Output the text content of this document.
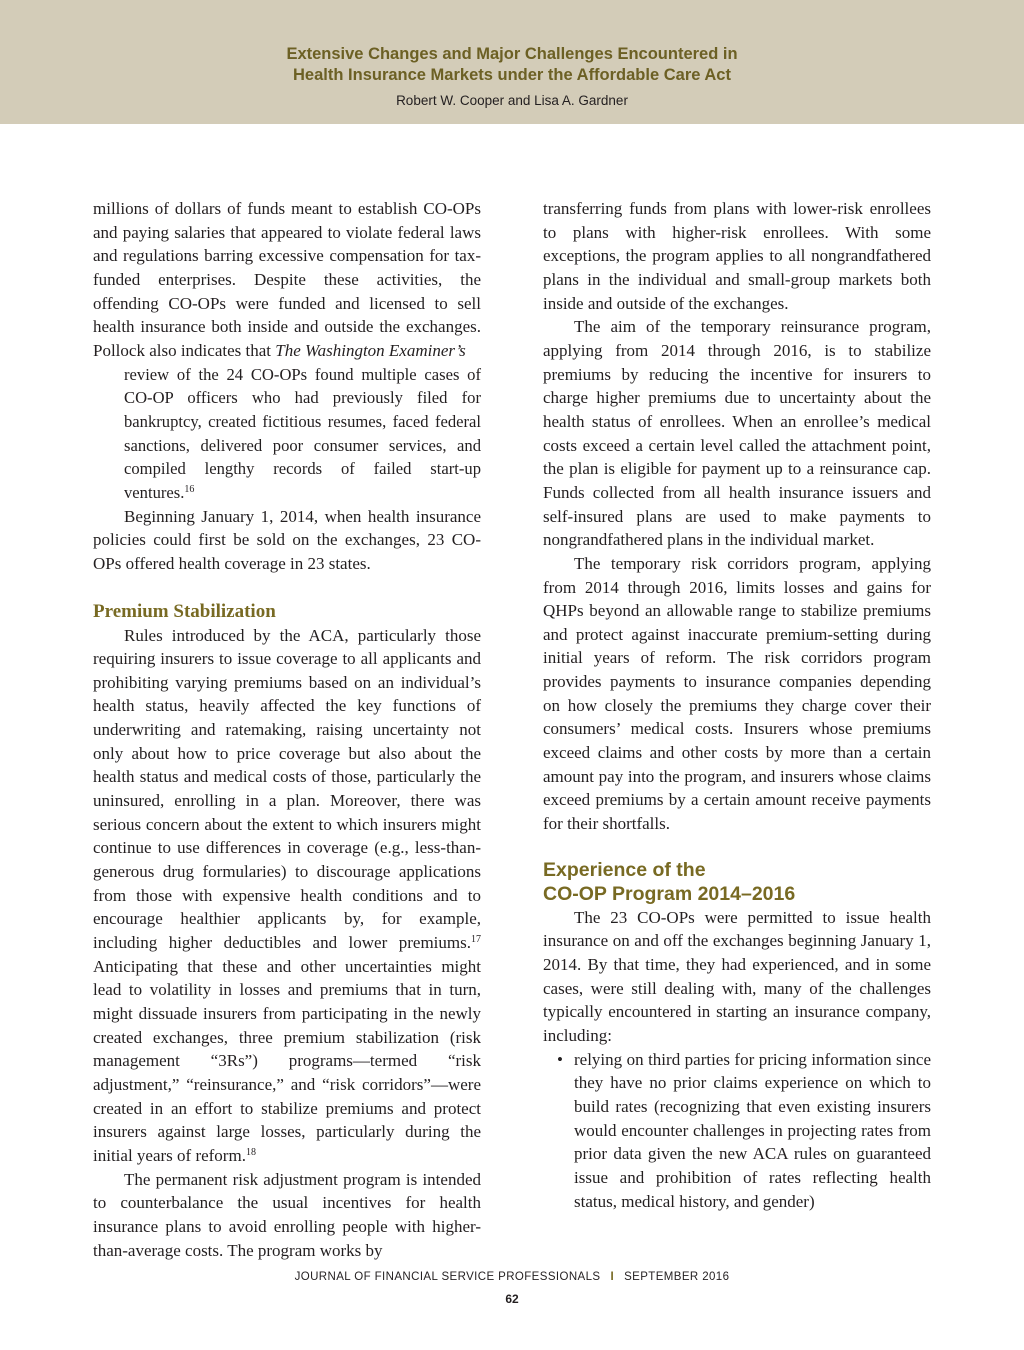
Extensive Changes and Major Challenges Encountered in
Health Insurance Markets under the Affordable Care Act
Robert W. Cooper and Lisa A. Gardner

millions of dollars of funds meant to establish CO-OPs and paying salaries that appeared to violate federal laws and regulations barring excessive compensation for tax-funded enterprises. Despite these activities, the offending CO-OPs were funded and licensed to sell health insurance both inside and outside the exchanges. Pollock also indicates that The Washington Examiner’s

review of the 24 CO-OPs found multiple cases of CO-OP officers who had previously filed for bankruptcy, created fictitious resumes, faced federal sanctions, delivered poor consumer services, and compiled lengthy records of failed start-up ventures.$^{16}$

Beginning January 1, 2014, when health insurance policies could first be sold on the exchanges, 23 CO-OPs offered health coverage in 23 states.

Premium Stabilization

Rules introduced by the ACA, particularly those requiring insurers to issue coverage to all applicants and prohibiting varying premiums based on an individual’s health status, heavily affected the key functions of underwriting and ratemaking, raising uncertainty not only about how to price coverage but also about the health status and medical costs of those, particularly the uninsured, enrolling in a plan. Moreover, there was serious concern about the extent to which insurers might continue to use differences in coverage (e.g., less-than-generous drug formularies) to discourage applications from those with expensive health conditions and to encourage healthier applicants by, for example, including higher deductibles and lower premiums.$^{17}$ Anticipating that these and other uncertainties might lead to volatility in losses and premiums that in turn, might dissuade insurers from participating in the newly created exchanges, three premium stabilization (risk management “3Rs”) programs—termed “risk adjustment,” “reinsurance,” and “risk corridors”—were created in an effort to stabilize premiums and protect insurers against large losses, particularly during the initial years of reform.$^{18}$

The permanent risk adjustment program is intended to counterbalance the usual incentives for health insurance plans to avoid enrolling people with higher-than-average costs. The program works by

transferring funds from plans with lower-risk enrollees to plans with higher-risk enrollees. With some exceptions, the program applies to all nongrandfathered plans in the individual and small-group markets both inside and outside of the exchanges.

The aim of the temporary reinsurance program, applying from 2014 through 2016, is to stabilize premiums by reducing the incentive for insurers to charge higher premiums due to uncertainty about the health status of enrollees. When an enrollee’s medical costs exceed a certain level called the attachment point, the plan is eligible for payment up to a reinsurance cap. Funds collected from all health insurance issuers and self-insured plans are used to make payments to nongrandfathered plans in the individual market.

The temporary risk corridors program, applying from 2014 through 2016, limits losses and gains for QHPs beyond an allowable range to stabilize premiums and protect against inaccurate premium-setting during initial years of reform. The risk corridors program provides payments to insurance companies depending on how closely the premiums they charge cover their consumers’ medical costs. Insurers whose premiums exceed claims and other costs by more than a certain amount pay into the program, and insurers whose claims exceed premiums by a certain amount receive payments for their shortfalls.

Experience of the
CO-OP Program 2014–2016

The 23 CO-OPs were permitted to issue health insurance on and off the exchanges beginning January 1, 2014. By that time, they had experienced, and in some cases, were still dealing with, many of the challenges typically encountered in starting an insurance company, including:

• relying on third parties for pricing information since they have no prior claims experience on which to build rates (recognizing that even existing insurers would encounter challenges in projecting rates from prior data given the new ACA rules on guaranteed issue and prohibition of rates reflecting health status, medical history, and gender)

JOURNAL OF FINANCIAL SERVICE PROFESSIONALS I SEPTEMBER 2016
62
